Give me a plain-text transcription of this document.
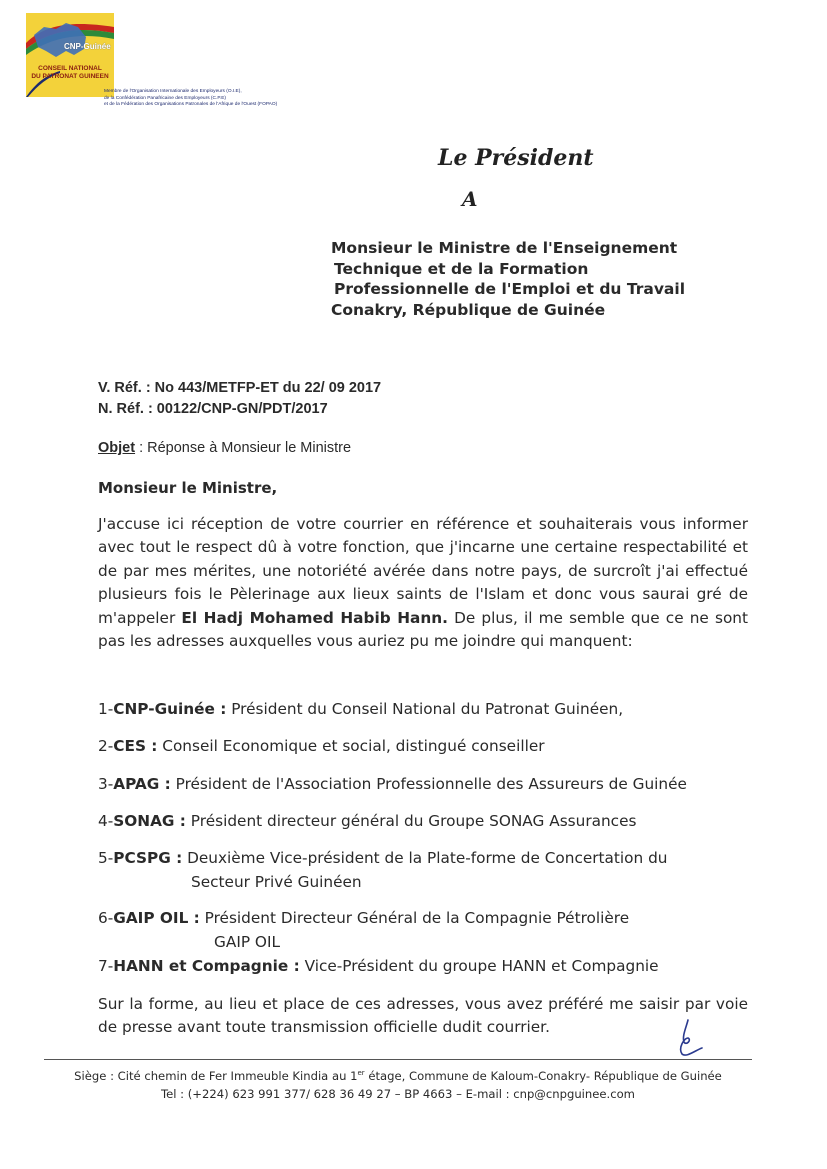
CNP-Guinée
CONSEIL NATIONAL
DU PATRONAT GUINEEN
Membre de l'Organisation Internationale des Employeurs (O.I.E),
de la Confédération Panafricaine des Employeurs (C.P.E)
et de la Fédération des Organisations Patronales de l'Afrique de l'Ouest (FOPAO)
Le Président
A
Monsieur le Ministre de l'Enseignement
Technique et de la Formation
Professionnelle de l'Emploi et du Travail
Conakry, République de Guinée
V. Réf. : No 443/METFP-ET du 22/ 09 2017
N. Réf. : 00122/CNP-GN/PDT/2017
Objet : Réponse à Monsieur le Ministre
Monsieur le Ministre,
J'accuse ici réception de votre courrier en référence et souhaiterais vous informer avec tout le respect dû à votre fonction, que j'incarne une certaine respectabilité et de par mes mérites, une notoriété avérée dans notre pays, de surcroît j'ai effectué plusieurs fois le Pèlerinage aux lieux saints de l'Islam et donc vous saurai gré de m'appeler El Hadj Mohamed Habib Hann. De plus, il me semble que ce ne sont pas les adresses auxquelles vous auriez pu me joindre qui manquent:
1-CNP-Guinée : Président du Conseil National du Patronat Guinéen,
2-CES : Conseil Economique et social, distingué conseiller
3-APAG : Président de l'Association Professionnelle des Assureurs de Guinée
4-SONAG : Président directeur général du Groupe SONAG Assurances
5-PCSPG : Deuxième Vice-président de la Plate-forme de Concertation du
Secteur Privé Guinéen
6-GAIP OIL : Président Directeur Général de la Compagnie Pétrolière
GAIP OIL
7-HANN et Compagnie : Vice-Président du groupe HANN et Compagnie
Sur la forme, au lieu et place de ces adresses, vous avez préféré me saisir par voie de presse avant toute transmission officielle dudit courrier.
Siège : Cité chemin de Fer Immeuble Kindia au 1er étage, Commune de Kaloum-Conakry- République de Guinée
Tel : (+224) 623 991 377/ 628 36 49 27 – BP 4663 – E-mail : cnp@cnpguinee.com
